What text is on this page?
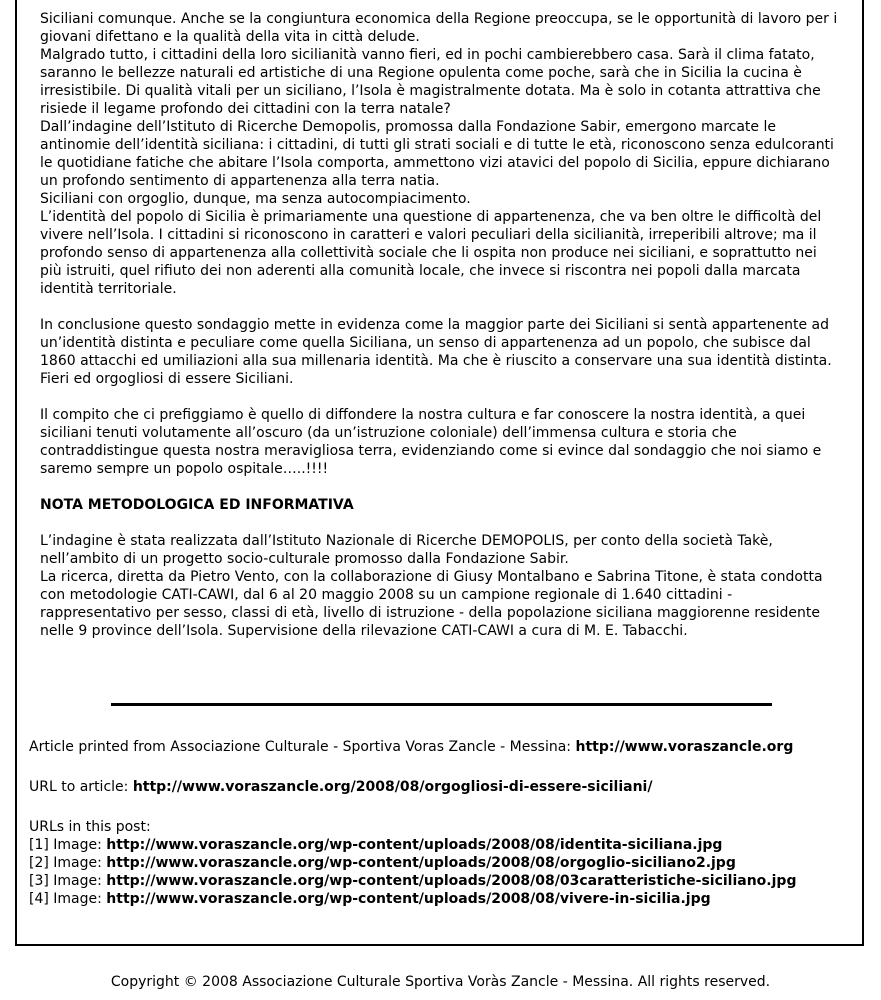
Siciliani comunque. Anche se la congiuntura economica della Regione preoccupa, se le opportunità di lavoro per i giovani difettano e la qualità della vita in città delude.

Malgrado tutto, i cittadini della loro sicilianità vanno fieri, ed in pochi cambierebbero casa. Sarà il clima fatato, saranno le bellezze naturali ed artistiche di una Regione opulenta come poche, sarà che in Sicilia la cucina è irresistibile. Di qualità vitali per un siciliano, l’Isola è magistralmente dotata. Ma è solo in cotanta attrattiva che risiede il legame profondo dei cittadini con la terra natale?

Dall’indagine dell’Istituto di Ricerche Demopolis, promossa dalla Fondazione Sabir, emergono marcate le antinomie dell’identità siciliana: i cittadini, di tutti gli strati sociali e di tutte le età, riconoscono senza edulcoranti le quotidiane fatiche che abitare l’Isola comporta, ammettono vizi atavici del popolo di Sicilia, eppure dichiarano un profondo sentimento di appartenenza alla terra natia.

Siciliani con orgoglio, dunque, ma senza autocompiacimento.

L’identità del popolo di Sicilia è primariamente una questione di appartenenza, che va ben oltre le difficoltà del vivere nell’Isola. I cittadini si riconoscono in caratteri e valori peculiari della sicilianità, irreperibili altrove; ma il profondo senso di appartenenza alla collettività sociale che li ospita non produce nei siciliani, e soprattutto nei più istruiti, quel rifiuto dei non aderenti alla comunità locale, che invece si riscontra nei popoli dalla marcata identità territoriale.

In conclusione questo sondaggio mette in evidenza come la maggior parte dei Siciliani si sentà appartenente ad un’identità distinta e peculiare come quella Siciliana, un senso di appartenenza ad un popolo, che subisce dal 1860 attacchi ed umiliazioni alla sua millenaria identità. Ma che è riuscito a conservare una sua identità distinta. Fieri ed orgogliosi di essere Siciliani.

Il compito che ci prefiggiamo è quello di diffondere la nostra cultura e far conoscere la nostra identità, a quei siciliani tenuti volutamente all’oscuro (da un’istruzione coloniale) dell’immensa cultura e storia che contraddistingue questa nostra meravigliosa terra, evidenziando come si evince dal sondaggio che noi siamo e saremo sempre un popolo ospitale…..!!!!

NOTA METODOLOGICA ED INFORMATIVA

L’indagine è stata realizzata dall’Istituto Nazionale di Ricerche DEMOPOLIS, per conto della società Takè, nell’ambito di un progetto socio-culturale promosso dalla Fondazione Sabir.

La ricerca, diretta da Pietro Vento, con la collaborazione di Giusy Montalbano e Sabrina Titone, è stata condotta con metodologie CATI-CAWI, dal 6 al 20 maggio 2008 su un campione regionale di 1.640 cittadini - rappresentativo per sesso, classi di età, livello di istruzione - della popolazione siciliana maggiorenne residente nelle 9 province dell’Isola. Supervisione della rilevazione CATI-CAWI a cura di M. E. Tabacchi.

Article printed from Associazione Culturale - Sportiva Voras Zancle - Messina: http://www.voraszancle.org

URL to article: http://www.voraszancle.org/2008/08/orgogliosi-di-essere-siciliani/

URLs in this post:

[1] Image: http://www.voraszancle.org/wp-content/uploads/2008/08/identita-siciliana.jpg

[2] Image: http://www.voraszancle.org/wp-content/uploads/2008/08/orgoglio-siciliano2.jpg

[3] Image: http://www.voraszancle.org/wp-content/uploads/2008/08/03caratteristiche-siciliano.jpg

[4] Image: http://www.voraszancle.org/wp-content/uploads/2008/08/vivere-in-sicilia.jpg

Copyright © 2008 Associazione Culturale Sportiva Voràs Zancle - Messina. All rights reserved.
